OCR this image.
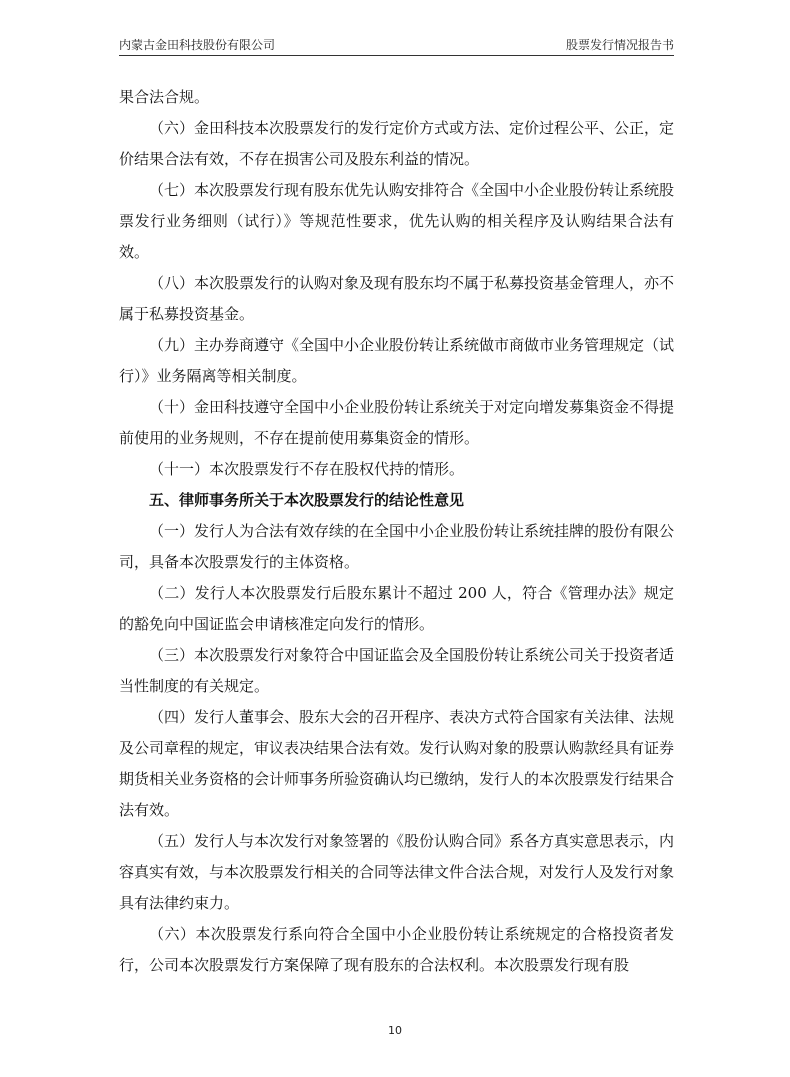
内蒙古金田科技股份有限公司	股票发行情况报告书

果合法合规。

（六）金田科技本次股票发行的发行定价方式或方法、定价过程公平、公正，定价结果合法有效，不存在损害公司及股东利益的情况。

（七）本次股票发行现有股东优先认购安排符合《全国中小企业股份转让系统股票发行业务细则（试行）》等规范性要求，优先认购的相关程序及认购结果合法有效。

（八）本次股票发行的认购对象及现有股东均不属于私募投资基金管理人，亦不属于私募投资基金。

（九）主办券商遵守《全国中小企业股份转让系统做市商做市业务管理规定（试行）》业务隔离等相关制度。

（十）金田科技遵守全国中小企业股份转让系统关于对定向增发募集资金不得提前使用的业务规则，不存在提前使用募集资金的情形。

（十一）本次股票发行不存在股权代持的情形。

五、律师事务所关于本次股票发行的结论性意见

（一）发行人为合法有效存续的在全国中小企业股份转让系统挂牌的股份有限公司，具备本次股票发行的主体资格。

（二）发行人本次股票发行后股东累计不超过 200 人，符合《管理办法》规定的豁免向中国证监会申请核准定向发行的情形。

（三）本次股票发行对象符合中国证监会及全国股份转让系统公司关于投资者适当性制度的有关规定。

（四）发行人董事会、股东大会的召开程序、表决方式符合国家有关法律、法规及公司章程的规定，审议表决结果合法有效。发行认购对象的股票认购款经具有证券期货相关业务资格的会计师事务所验资确认均已缴纳，发行人的本次股票发行结果合法有效。

（五）发行人与本次发行对象签署的《股份认购合同》系各方真实意思表示，内容真实有效，与本次股票发行相关的合同等法律文件合法合规，对发行人及发行对象具有法律约束力。

（六）本次股票发行系向符合全国中小企业股份转让系统规定的合格投资者发行，公司本次股票发行方案保障了现有股东的合法权利。本次股票发行现有股

10
